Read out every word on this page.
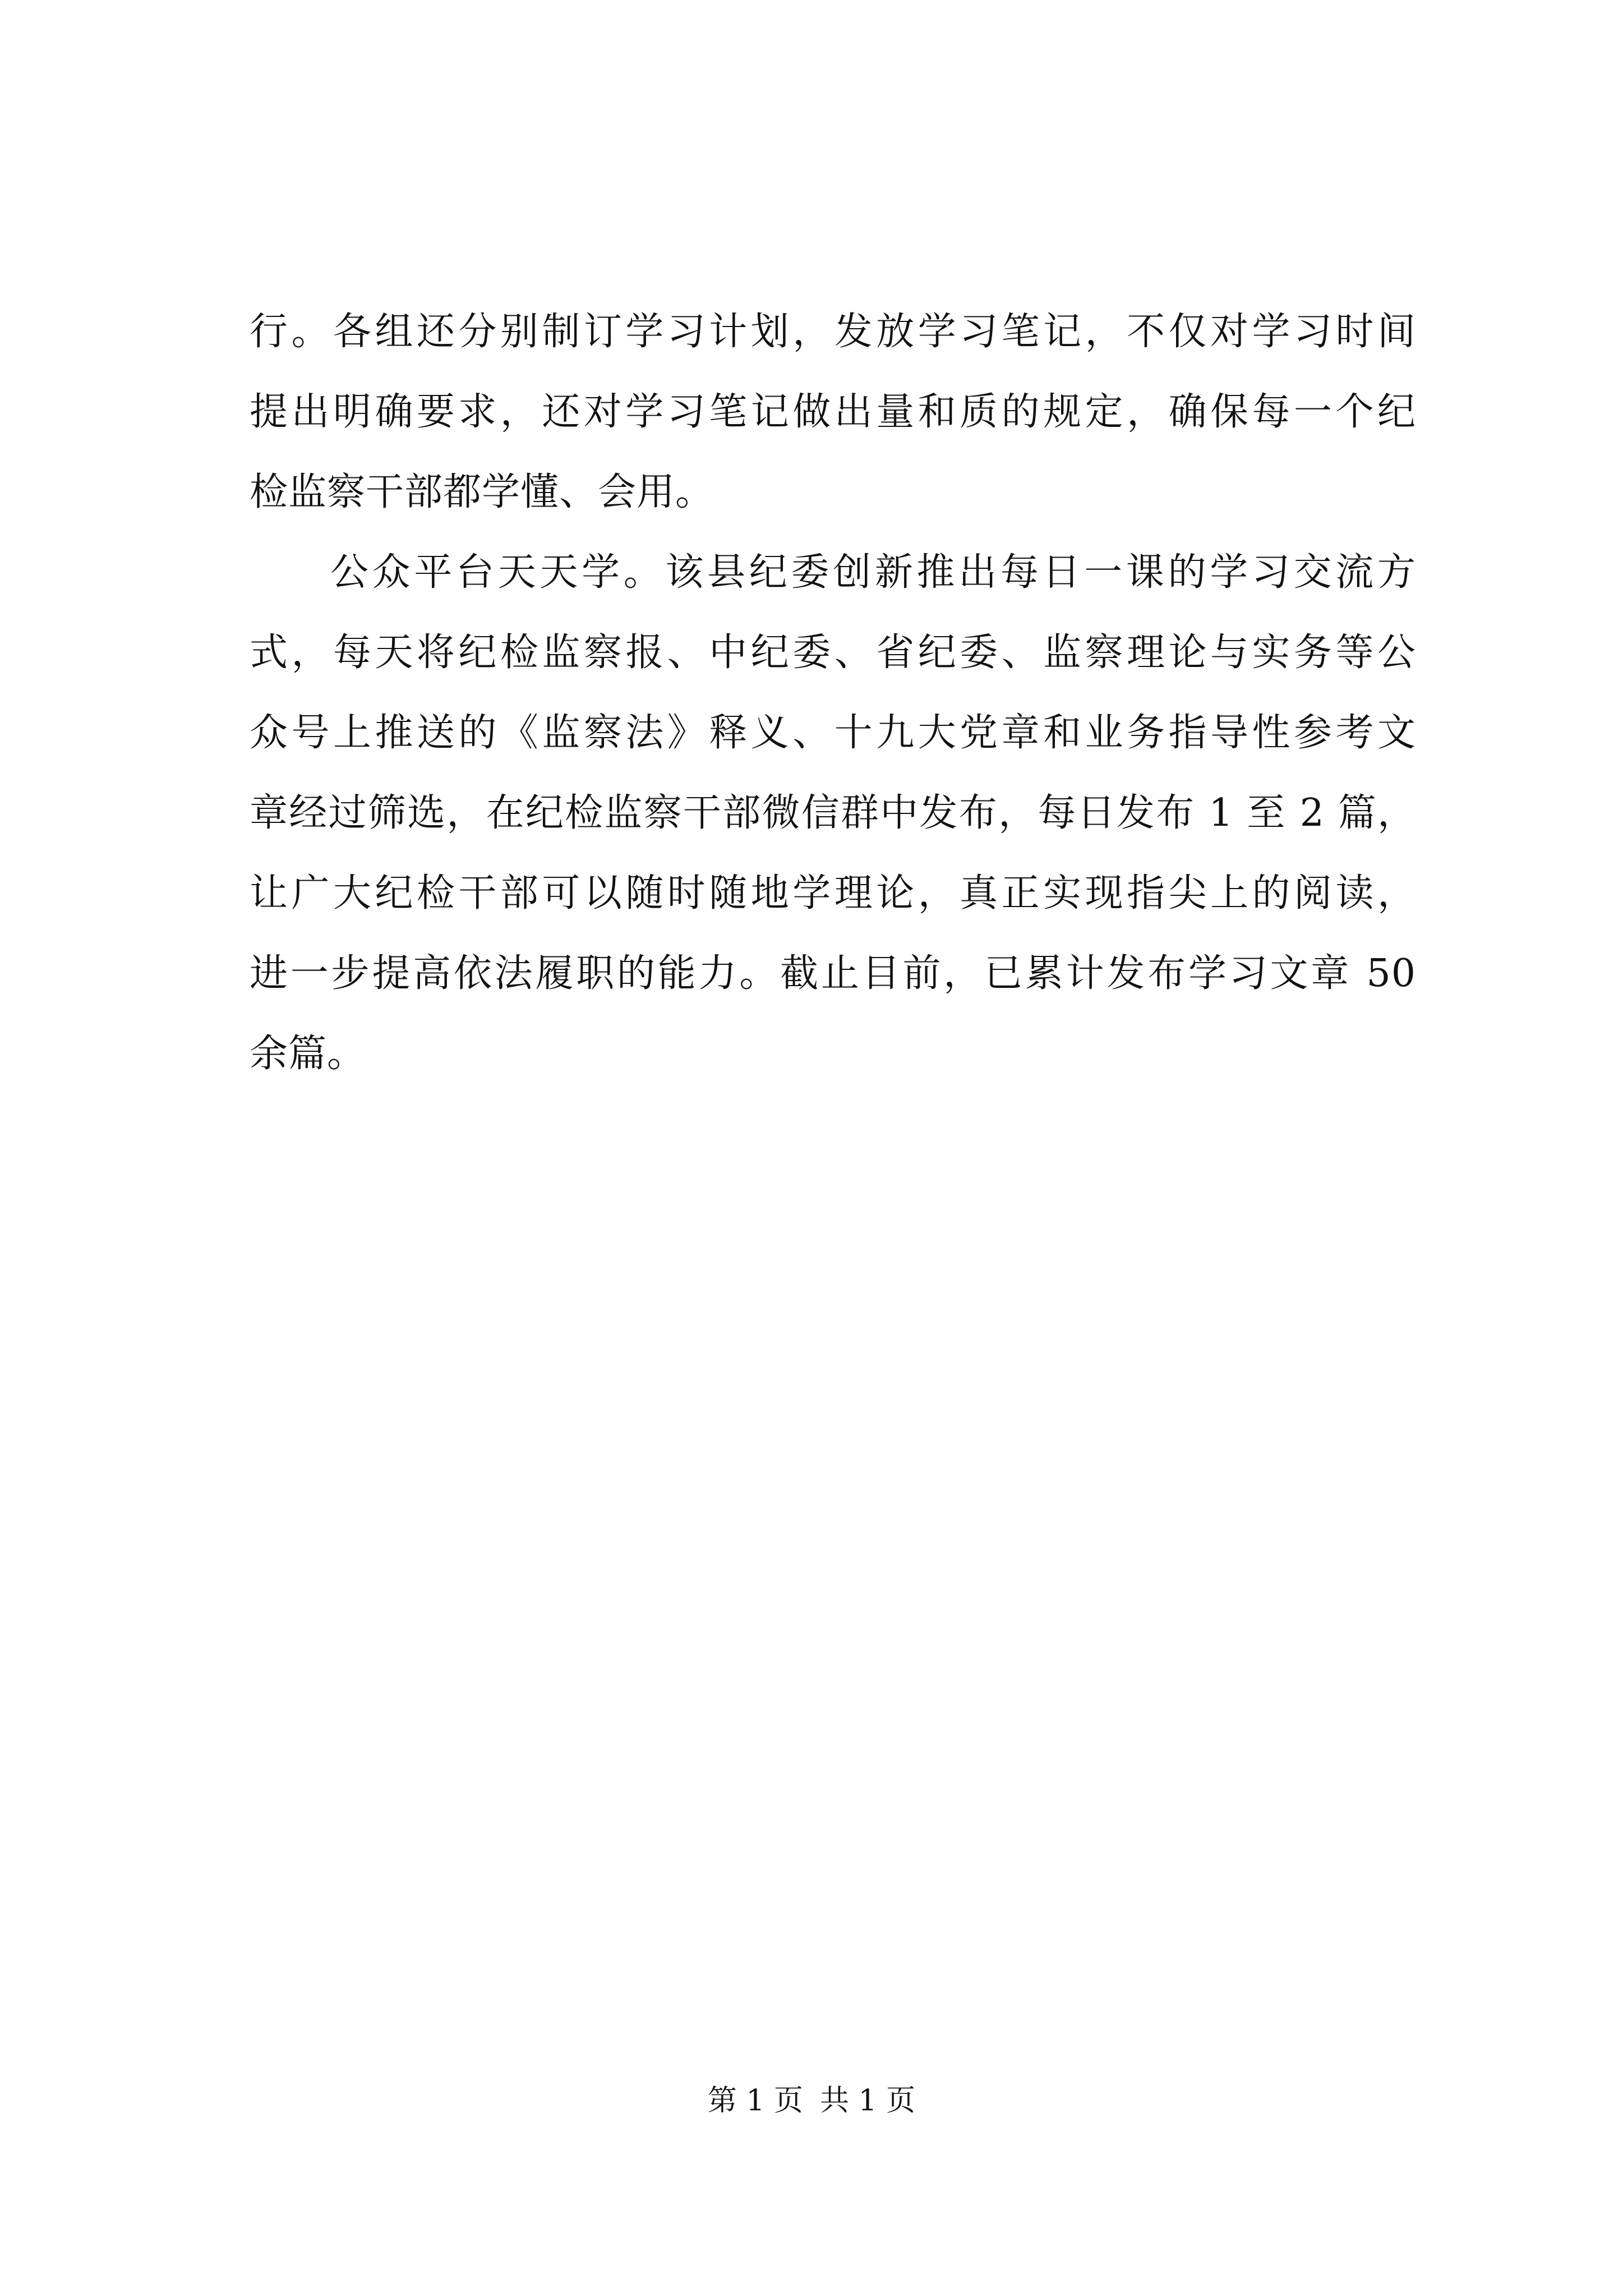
行。各组还分别制订学习计划，发放学习笔记，不仅对学习时间
提出明确要求，还对学习笔记做出量和质的规定，确保每一个纪
检监察干部都学懂、会用。
公众平台天天学。该县纪委创新推出每日一课的学习交流方
式，每天将纪检监察报、中纪委、省纪委、监察理论与实务等公
众号上推送的《监察法》释义、十九大党章和业务指导性参考文
章经过筛选，在纪检监察干部微信群中发布，每日发布 1 至 2 篇，
让广大纪检干部可以随时随地学理论，真正实现指尖上的阅读，
进一步提高依法履职的能力。截止目前，已累计发布学习文章 50
余篇。
第 1 页 共 1 页
